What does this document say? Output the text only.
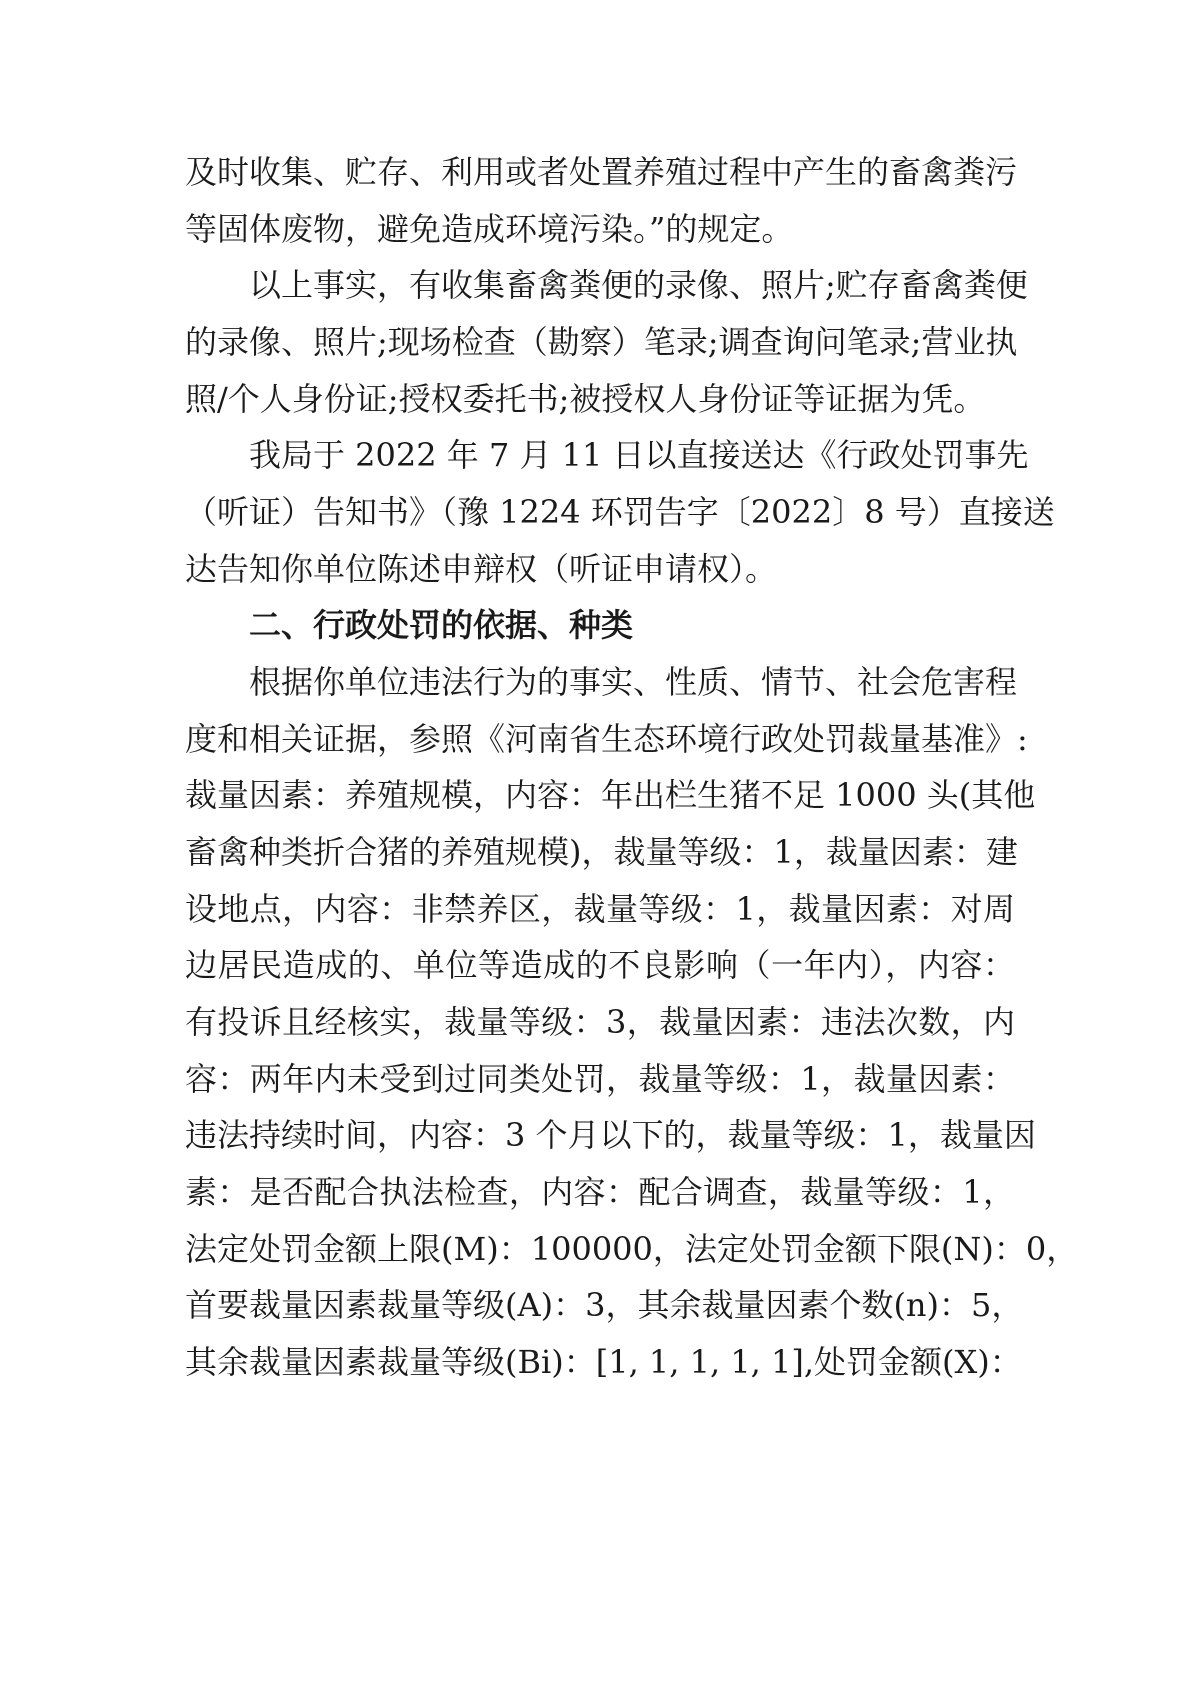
及时收集、贮存、利用或者处置养殖过程中产生的畜禽粪污
等固体废物，避免造成环境污染。”的规定。
以上事实，有收集畜禽粪便的录像、照片;贮存畜禽粪便
的录像、照片;现场检查（勘察）笔录;调查询问笔录;营业执
照/个人身份证;授权委托书;被授权人身份证等证据为凭。
我局于 2022 年 7 月 11 日以直接送达《行政处罚事先
（听证）告知书》（豫 1224 环罚告字〔2022〕8 号）直接送
达告知你单位陈述申辩权（听证申请权）。
二、行政处罚的依据、种类
根据你单位违法行为的事实、性质、情节、社会危害程
度和相关证据，参照《河南省生态环境行政处罚裁量基准》:
裁量因素：养殖规模，内容：年出栏生猪不足 1000 头(其他
畜禽种类折合猪的养殖规模)，裁量等级：1，裁量因素：建
设地点，内容：非禁养区，裁量等级：1，裁量因素：对周
边居民造成的、单位等造成的不良影响（一年内），内容：
有投诉且经核实，裁量等级：3，裁量因素：违法次数，内
容：两年内未受到过同类处罚，裁量等级：1，裁量因素：
违法持续时间，内容：3 个月以下的，裁量等级：1，裁量因
素：是否配合执法检查，内容：配合调查，裁量等级：1，
法定处罚金额上限(M)：100000，法定处罚金额下限(N)：0，
首要裁量因素裁量等级(A)：3，其余裁量因素个数(n)：5，
其余裁量因素裁量等级(Bi)：[1, 1, 1, 1, 1],处罚金额(X)：
